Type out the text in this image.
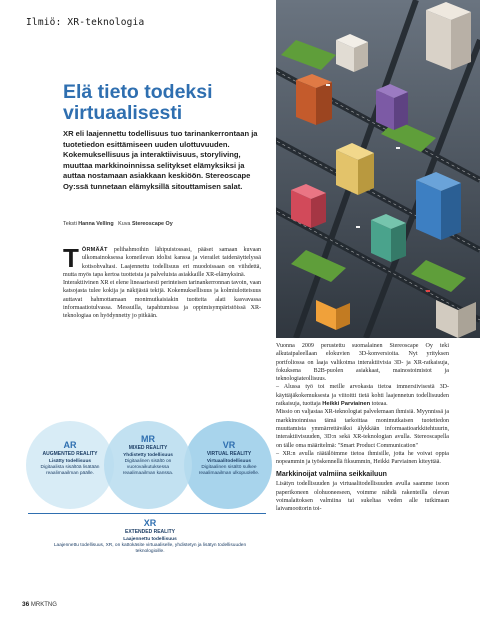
Ilmiö: XR-teknologia
Elä tieto todeksi virtuaalisesti

XR eli laajennettu todellisuus tuo tarinankerrontaan ja tuotetiedon esittämiseen uuden ulottuvuuden. Kokemuksellisuus ja interaktiivisuus, storyliving, muuttaa markkinoinnissa selitykset elämyksiksi ja auttaa nostamaan asiakkaan keskiöön. Stereoscape Oy:ssä tunnetaan elämyksillä sitouttamisen salat.

Teksti Hanna Velling Kuva Stereoscape Oy

TÖRMÄÄT pelihahmoihin lähipuistossasi, pääset samaan kuvaan ulkomainoksessa komeilevan idolisi kanssa ja vierailet taidenäyttelyssä kotisohvaltasi. Laajennettu todellisuus eri muodoissaan on viihdettä, mutta myös tapa kertoa tuotteista ja palveluista asiakkaille XR-elämyksinä.

Interaktiivinen XR ei elene lineaarisesti perinteisen tarinankerronnan tavoin, vaan katsojasta tulee kokija ja näkijästä tekijä. Kokemuksellisuus ja kolmiulotteisuus auttavat hahmottamaan monimutkaisiakin tuotteita alati kasvavassa informaatiotulvassa. Messuilla, tapahtumissa ja oppimisympäristöissä XR-teknologiaa on hyödynnetty jo pitkään.

Vuonna 2009 perustettu suomalainen Stereoscape Oy teki alkutaipaleellaan elokuvien 3D-konversioita. Nyt yrityksen portfoliossa on laaja valikoima interaktiivisia 3D- ja XR-ratkaisuja, fokuksena B2B-puolen asiakkaat, mainostoimistot ja teknologiateollisuus.

– Alussa työ toi meille arvokasta tietoa immersiivisestä 3D-käyttäjäkokemuksesta ja viitoitti tietä kohti laajennetun todellisuuden ratkaisuja, tuottaja Heikki Parviainen toteaa.

Missio on valjastaa XR-teknologiat palvelemaan ihmisiä. Myynnissä ja markkinoinnissa tämä tarkoittaa monimutkaisen tuotetiedon muuttamista ymmärrettäväksi älykkään informaatioarkkitehtuurin, interaktiivisuuden, 3D:n sekä XR-teknologian avulla. Stereoscapella on tälle oma määritelmä: "Smart Product Communication"

– XR:n avulla räätälöimme tietoa ihmisille, jotta he voivat oppia nopeammin ja työskennellä fiksummin, Heikki Parviainen kiteyttää.

Markkinoijat valmiina seikkailuun

Lisätyn todellisuuden ja virtuaalitodellisuuden avulla saamme isoon paperikoneen olohuoneeseen, voimme nähdä rakenteilla olevan voimalaitoksen valmiina tai sukeltaa veden alle tutkimaan laivamoottorin toi-

AR
AUGMENTED REALITY
Lisätty todellisuus
Digitaalista sisältöä lisätään reaalimaailman päälle.
MR
MIXED REALITY
Yhdistetty todellisuus
Digitaalinen sisältö on vuorovaikutuksessa reaalimaailman kanssa.
VR
VIRTUAL REALITY
Virtuaalitodellisuus
Digitaalinen sisältö sulkee reaalimaailman ulkopuolelle.
XR
EXTENDED REALITY
Laajennettu todellisuus
Laajennettu todellisuus, XR, on kattokäsite virtuaaliselle, yhdistetyn ja lisätyn todellisuuden teknologioille.
36 MRKTNG
